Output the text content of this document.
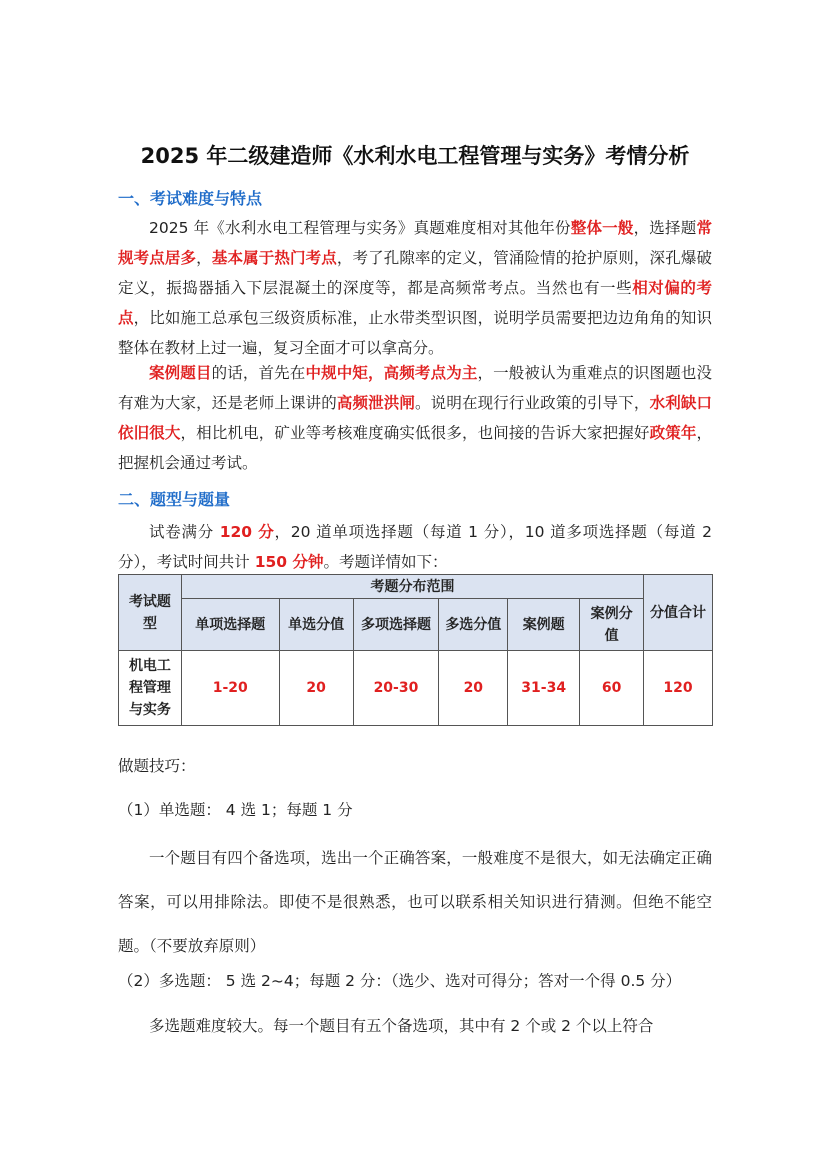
2025 年二级建造师《水利水电工程管理与实务》考情分析
一、考试难度与特点
2025 年《水利水电工程管理与实务》真题难度相对其他年份整体一般，选择题常规考点居多，基本属于热门考点，考了孔隙率的定义，管涌险情的抢护原则，深孔爆破定义，振捣器插入下层混凝土的深度等，都是高频常考点。当然也有一些相对偏的考点，比如施工总承包三级资质标准，止水带类型识图，说明学员需要把边边角角的知识整体在教材上过一遍，复习全面才可以拿高分。
案例题目的话，首先在中规中矩，高频考点为主，一般被认为重难点的识图题也没有难为大家，还是老师上课讲的高频泄洪闸。说明在现行行业政策的引导下，水利缺口依旧很大，相比机电，矿业等考核难度确实低很多，也间接的告诉大家把握好政策年，把握机会通过考试。
二、题型与题量
试卷满分 120 分，20 道单项选择题（每道 1 分），10 道多项选择题（每道 2 分），考试时间共计 150 分钟。考题详情如下：
考试题型	考题分布范围						分值合计
	单项选择题	单选分值	多项选择题	多选分值	案例题	案例分值	
机电工程管理与实务	1-20	20	20-30	20	31-34	60	120
做题技巧：
（1）单选题： 4 选 1；每题 1 分
一个题目有四个备选项，选出一个正确答案，一般难度不是很大，如无法确定正确答案，可以用排除法。即使不是很熟悉，也可以联系相关知识进行猜测。但绝不能空题。（不要放弃原则）
（2）多选题： 5 选 2~4；每题 2 分：（选少、选对可得分；答对一个得 0.5 分）
多选题难度较大。每一个题目有五个备选项，其中有 2 个或 2 个以上符合
